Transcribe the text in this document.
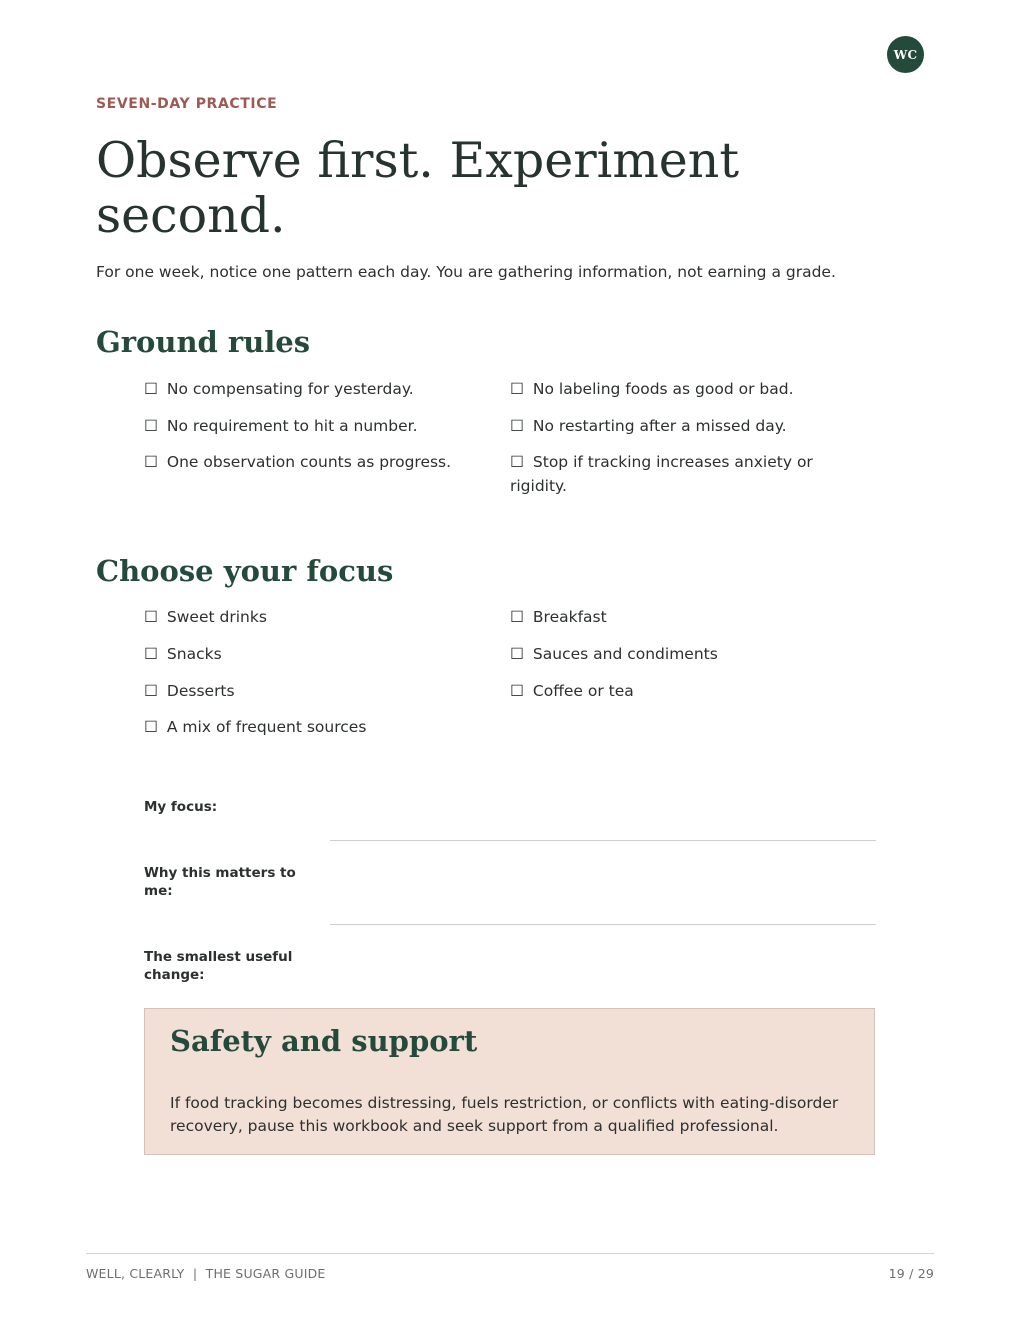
WC
SEVEN-DAY PRACTICE
Observe first. Experiment second.

For one week, notice one pattern each day. You are gathering information, not earning a grade.

Ground rules

☐ No compensating for yesterday.

☐ No requirement to hit a number.

☐ One observation counts as progress.

☐ No labeling foods as good or bad.

☐ No restarting after a missed day.

☐ Stop if tracking increases anxiety or rigidity.

Choose your focus

☐ Sweet drinks

☐ Snacks

☐ Desserts

☐ A mix of frequent sources

☐ Breakfast

☐ Sauces and condiments

☐ Coffee or tea

My focus:

Why this matters to me:

The smallest useful change:

Safety and support

If food tracking becomes distressing, fuels restriction, or conflicts with eating-disorder recovery, pause this workbook and seek support from a qualified professional.

WELL, CLEARLY  |  THE SUGAR GUIDE	19 / 29
